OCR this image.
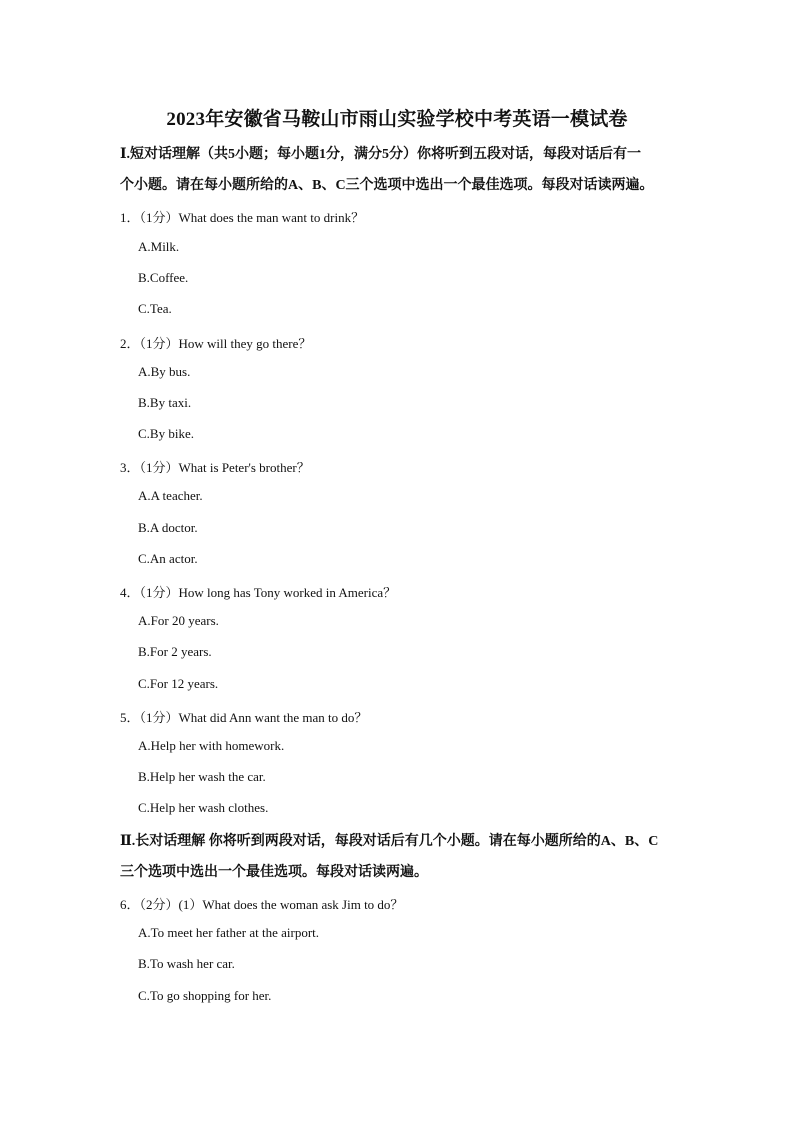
2023年安徽省马鞍山市雨山实验学校中考英语一模试卷
Ⅰ.短对话理解（共5小题；每小题1分，满分5分）你将听到五段对话，每段对话后有一
个小题。请在每小题所给的A、B、C三个选项中选出一个最佳选项。每段对话读两遍。
1．（1分）What does the man want to drink？
A.Milk.
B.Coffee.
C.Tea.
2．（1分）How will they go there？
A.By bus.
B.By taxi.
C.By bike.
3．（1分）What is Peter's brother？
A.A teacher.
B.A doctor.
C.An actor.
4．（1分）How long has Tony worked in America？
A.For 20 years.
B.For 2 years.
C.For 12 years.
5．（1分）What did Ann want the man to do？
A.Help her with homework.
B.Help her wash the car.
C.Help her wash clothes.
Ⅱ.长对话理解 你将听到两段对话，每段对话后有几个小题。请在每小题所给的A、B、C
三个选项中选出一个最佳选项。每段对话读两遍。
6．（2分）(1）What does the woman ask Jim to do？
A.To meet her father at the airport.
B.To wash her car.
C.To go shopping for her.
